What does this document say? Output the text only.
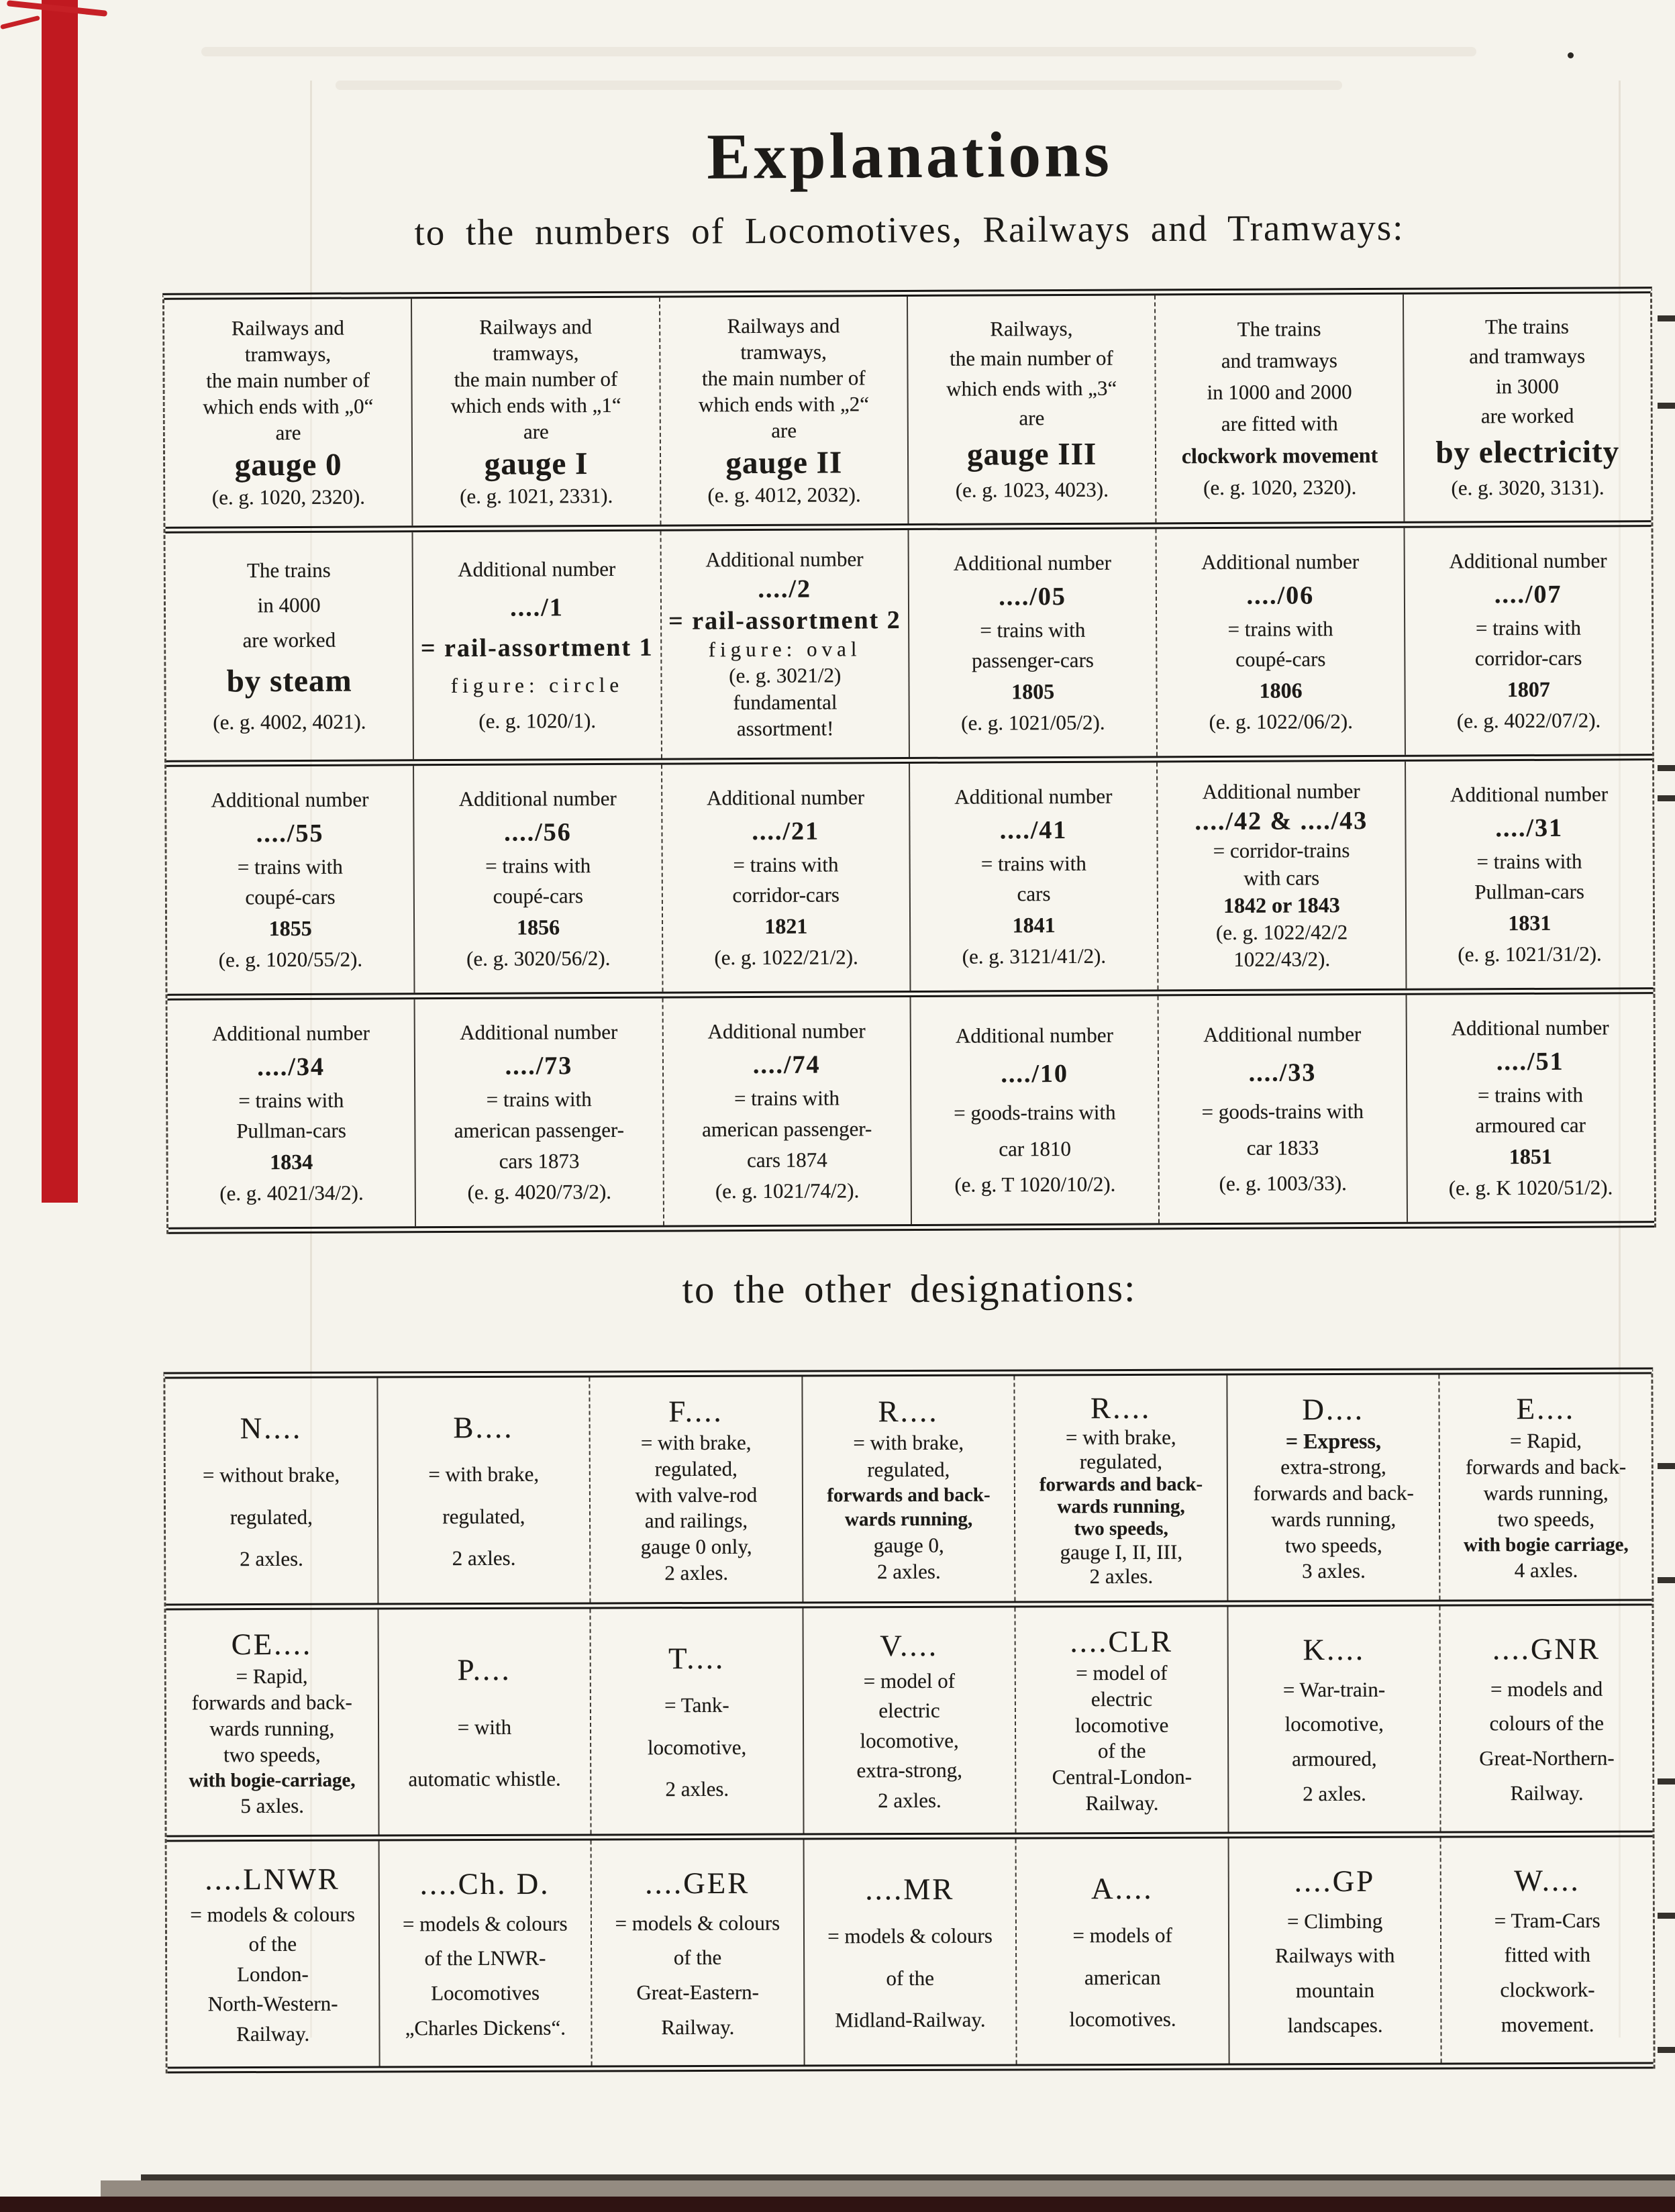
Explanations
to the numbers of Locomotives, Railways and Tramways:
Railways and
tramways,
the main number of
which ends with „0“
are
gauge 0
(e. g. 1020, 2320).
Railways and
tramways,
the main number of
which ends with „1“
are
gauge I
(e. g. 1021, 2331).
Railways and
tramways,
the main number of
which ends with „2“
are
gauge II
(e. g. 4012, 2032).
Railways,
the main number of
which ends with „3“
are
gauge III
(e. g. 1023, 4023).
The trains
and tramways
in 1000 and 2000
are fitted with
clockwork movement
(e. g. 1020, 2320).
The trains
and tramways
in 3000
are worked
by electricity
(e. g. 3020, 3131).
The trains
in 4000
are worked
by steam
(e. g. 4002, 4021).
Additional number
..../1
= rail-assortment 1
figure: circle
(e. g. 1020/1).
Additional number
..../2
= rail-assortment 2
figure: oval
(e. g. 3021/2)
fundamental
assortment!
Additional number
..../05
= trains with
passenger-cars
1805
(e. g. 1021/05/2).
Additional number
..../06
= trains with
coupé-cars
1806
(e. g. 1022/06/2).
Additional number
..../07
= trains with
corridor-cars
1807
(e. g. 4022/07/2).
Additional number
..../55
= trains with
coupé-cars
1855
(e. g. 1020/55/2).
Additional number
..../56
= trains with
coupé-cars
1856
(e. g. 3020/56/2).
Additional number
..../21
= trains with
corridor-cars
1821
(e. g. 1022/21/2).
Additional number
..../41
= trains with
cars
1841
(e. g. 3121/41/2).
Additional number
..../42 & ..../43
= corridor-trains
with cars
1842 or 1843
(e. g. 1022/42/2
1022/43/2).
Additional number
..../31
= trains with
Pullman-cars
1831
(e. g. 1021/31/2).
Additional number
..../34
= trains with
Pullman-cars
1834
(e. g. 4021/34/2).
Additional number
..../73
= trains with
american passenger-
cars 1873
(e. g. 4020/73/2).
Additional number
..../74
= trains with
american passenger-
cars 1874
(e. g. 1021/74/2).
Additional number
..../10
= goods-trains with
car 1810
(e. g. T 1020/10/2).
Additional number
..../33
= goods-trains with
car 1833
(e. g. 1003/33).
Additional number
..../51
= trains with
armoured car
1851
(e. g. K 1020/51/2).
to the other designations:
N....
= without brake,
regulated,
2 axles.
B....
= with brake,
regulated,
2 axles.
F....
= with brake,
regulated,
with valve-rod
and railings,
gauge 0 only,
2 axles.
R....
= with brake,
regulated,
forwards and back-
wards running,
gauge 0,
2 axles.
R....
= with brake,
regulated,
forwards and back-
wards running,
two speeds,
gauge I, II, III,
2 axles.
D....
= Express,
extra-strong,
forwards and back-
wards running,
two speeds,
3 axles.
E....
= Rapid,
forwards and back-
wards running,
two speeds,
with bogie carriage,
4 axles.
CE....
= Rapid,
forwards and back-
wards running,
two speeds,
with bogie-carriage,
5 axles.
P....
= with
automatic whistle.
T....
= Tank-
locomotive,
2 axles.
V....
= model of
electric
locomotive,
extra-strong,
2 axles.
....CLR
= model of
electric
locomotive
of the
Central-London-
Railway.
K....
= War-train-
locomotive,
armoured,
2 axles.
....GNR
= models and
colours of the
Great-Northern-
Railway.
....LNWR
= models & colours
of the
London-
North-Western-
Railway.
....Ch. D.
= models & colours
of the LNWR-
Locomotives
„Charles Dickens“.
....GER
= models & colours
of the
Great-Eastern-
Railway.
....MR
= models & colours
of the
Midland-Railway.
A....
= models of
american
locomotives.
....GP
= Climbing
Railways with
mountain
landscapes.
W....
= Tram-Cars
fitted with
clockwork-
movement.
